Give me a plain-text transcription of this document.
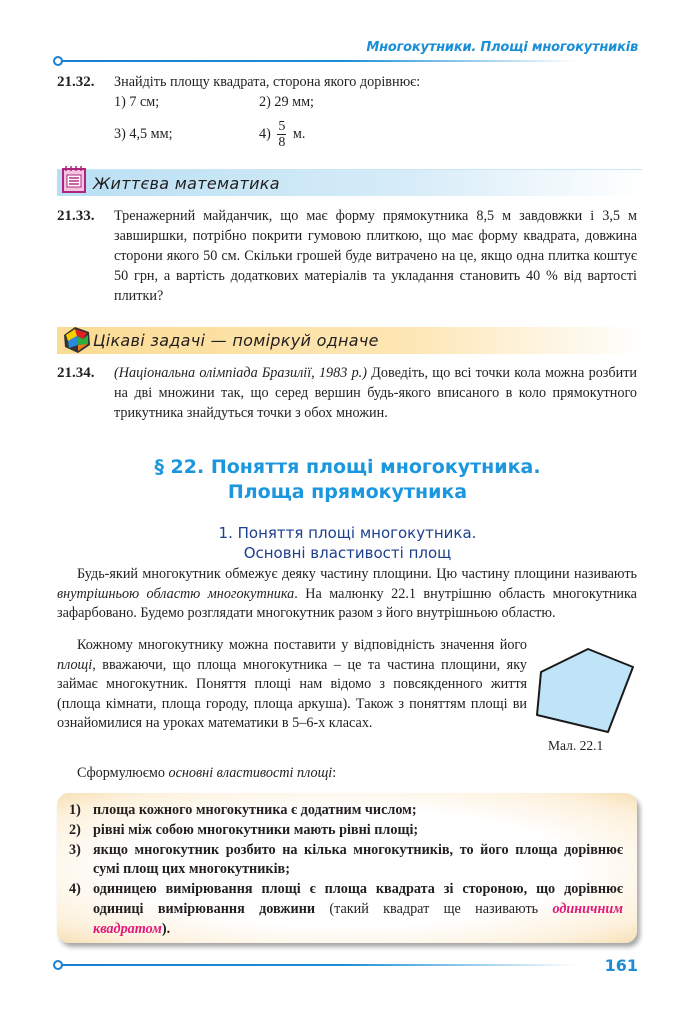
Многокутники. Площі многокутників
21.32. Знайдіть площу квадрата, сторона якого дорівнює:
1) 7 см;	2) 29 мм;
3) 4,5 мм;	$4) \frac{5}{8} м$.
Життєва математика
21.33. Тренажерний майданчик, що має форму прямокутника 8,5 м завдовжки і 3,5 м завширшки, потрібно покрити гумовою плиткою, що має форму квадрата, довжина сторони якого 50 см. Скільки грошей буде витрачено на це, якщо одна плитка коштує 50 грн, а вартість додаткових матеріалів та укладання становить 40 % від вартості плитки?

Цікаві задачі — поміркуй одначе
21.34. (Національна олімпіада Бразилії, 1983 р.) Доведіть, що всі точки кола можна розбити на дві множини так, що серед вершин будь-якого вписаного в коло прямокутного трикутника знайдуться точки з обох множин.

§ 22. Поняття площі многокутника.
Площа прямокутника
1. Поняття площі многокутника.
Основні властивості площ

Будь-який многокутник обмежує деяку частину площини. Цю частину площини називають внутрішньою областю многокутника. На малюнку 22.1 внутрішню область многокутника зафарбовано. Будемо розглядати многокутник разом з його внутрішньою областю.

Кожному многокутнику можна поставити у відповідність значення його площі, вважаючи, що площа многокутника – це та частина площини, яку займає многокутник. Поняття площі нам відомо з повсякденного життя (площа кімнати, площа городу, площа аркуша). Також з поняттям площі ви ознайомилися на уроках математики в 5–6-х класах.

Сформулюємо основні властивості площі:

Мал. 22.1
1) площа кожного многокутника є додатним числом;
2) рівні між собою многокутники мають рівні площі;
3) якщо многокутник розбито на кілька многокутників, то його площа дорівнює сумі площ цих многокутників;
4) одиницею вимірювання площі є площа квадрата зі стороною, що дорівнює одиниці вимірювання довжини (такий квадрат ще називають одиничним квадратом).
161
